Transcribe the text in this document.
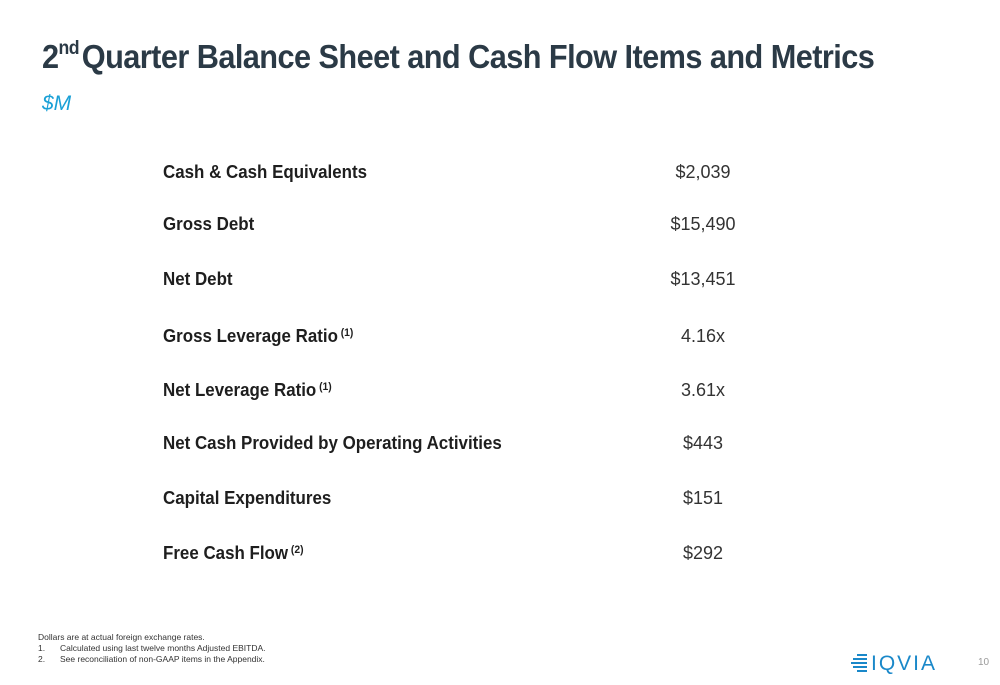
2ndQuarter Balance Sheet and Cash Flow Items and Metrics
$M
Cash & Cash Equivalents	$2,039
Gross Debt	$15,490
Net Debt	$13,451
Gross Leverage Ratio $^{(1)}$	4.16x
Net Leverage Ratio $^{(1)}$	3.61x
Net Cash Provided by Operating Activities	$443
Capital Expenditures	$151
Free Cash Flow $^{(2)}$	$292
Dollars are at actual foreign exchange rates.
1.	Calculated using last twelve months Adjusted EBITDA.
2.	See reconciliation of non-GAAP items in the Appendix.	IQVIA	10
